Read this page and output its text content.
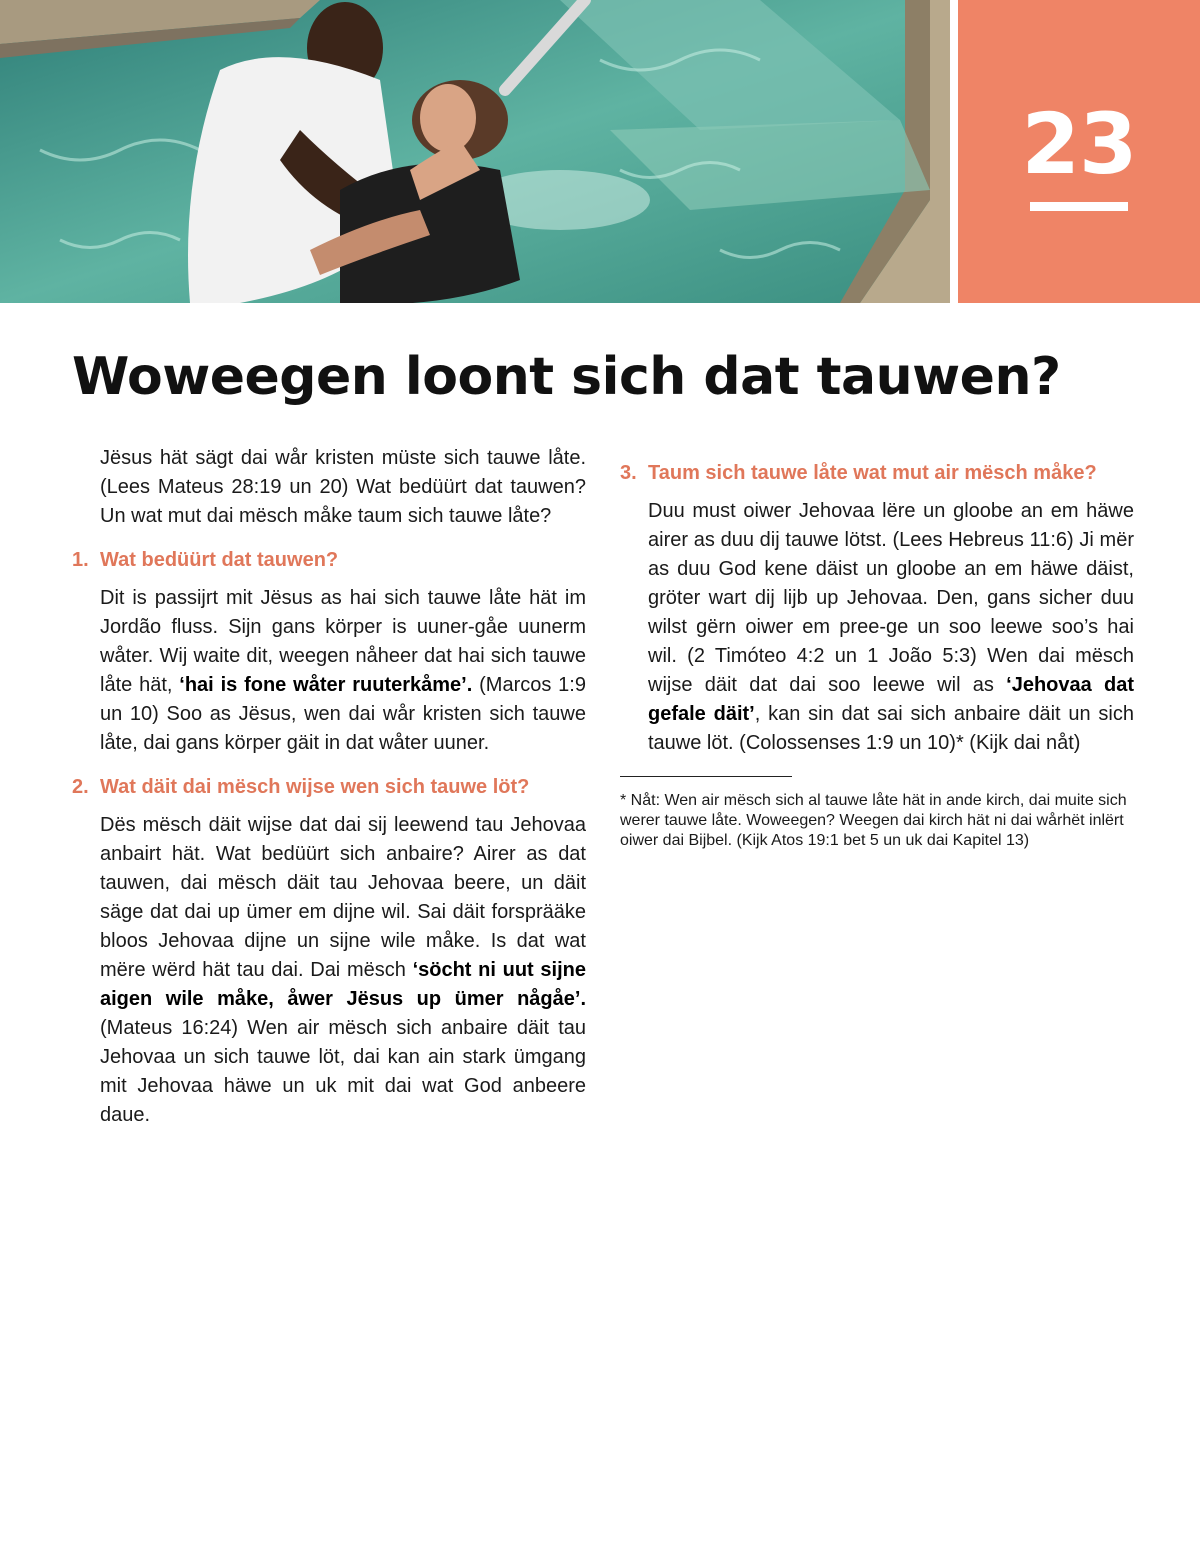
23
Woweegen loont sich dat tauwen?

Jësus hät sägt dai wår kristen müste sich tauwe låte. (Lees Mateus 28:19 un 20) Wat bedüürt dat tauwen? Un wat mut dai mësch måke taum sich tauwe låte?

1. Wat bedüürt dat tauwen?

Dit is passijrt mit Jësus as hai sich tauwe låte hät im Jordão fluss. Sijn gans körper is uuner-gåe uunerm wåter. Wij waite dit, weegen nåheer dat hai sich tauwe låte hät, ‘hai is fone wåter ruuterkåme’. (Marcos 1:9 un 10) Soo as Jësus, wen dai wår kristen sich tauwe låte, dai gans körper gäit in dat wåter uuner.

2. Wat däit dai mësch wijse wen sich tauwe löt?

Dës mësch däit wijse dat dai sij leewend tau Jehovaa anbairt hät. Wat bedüürt sich anbaire? Airer as dat tauwen, dai mësch däit tau Jehovaa beere, un däit säge dat dai up ümer em dijne wil. Sai däit forsprääke bloos Jehovaa dijne un sijne wile måke. Is dat wat mëre wërd hät tau dai. Dai mësch ‘söcht ni uut sijne aigen wile måke, åwer Jësus up ümer någåe’. (Mateus 16:24) Wen air mësch sich anbaire däit tau Jehovaa un sich tauwe löt, dai kan ain stark ümgang mit Jehovaa häwe un uk mit dai wat God anbeere daue.

3. Taum sich tauwe låte wat mut air mësch måke?

Duu must oiwer Jehovaa lëre un gloobe an em häwe airer as duu dij tauwe lötst. (Lees Hebreus 11:6) Ji mër as duu God kene däist un gloobe an em häwe däist, gröter wart dij lijb up Jehovaa. Den, gans sicher duu wilst gërn oiwer em pree-ge un soo leewe soo’s hai wil. (2 Timóteo 4:2 un 1 João 5:3) Wen dai mësch wijse däit dat dai soo leewe wil as ‘Jehovaa dat gefale däit’, kan sin dat sai sich anbaire däit un sich tauwe löt. (Colossenses 1:9 un 10)* (Kijk dai nåt)

* Nåt: Wen air mësch sich al tauwe låte hät in ande kirch, dai muite sich werer tauwe låte. Woweegen? Weegen dai kirch hät ni dai wårhët inlërt oiwer dai Bijbel. (Kijk Atos 19:1 bet 5 un uk dai Kapitel 13)
